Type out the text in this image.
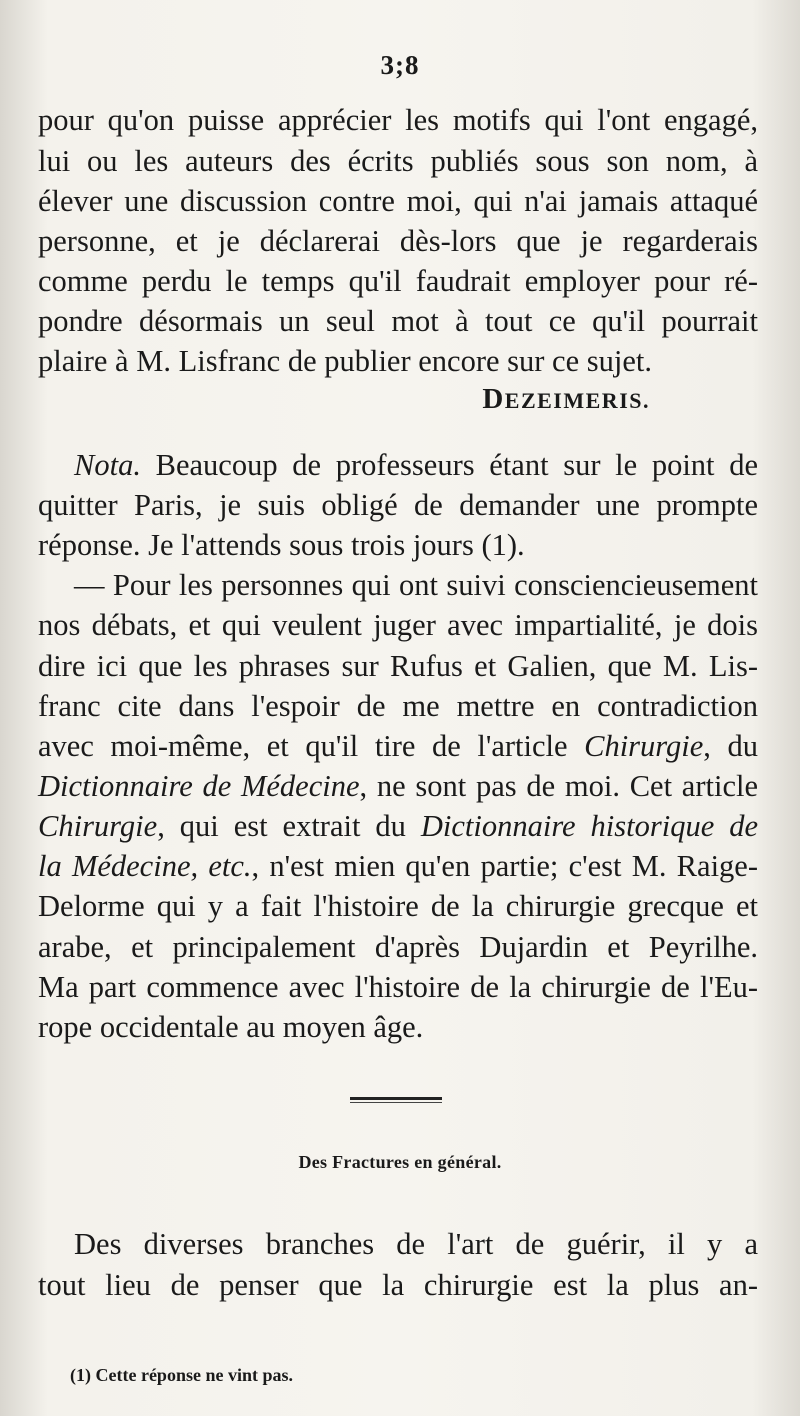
3;8
pour qu'on puisse apprécier les motifs qui l'ont engagé,
lui ou les auteurs des écrits publiés sous son nom, à
élever une discussion contre moi, qui n'ai jamais attaqué
personne, et je déclarerai dès-lors que je regarderais
comme perdu le temps qu'il faudrait employer pour ré-
pondre désormais un seul mot à tout ce qu'il pourrait
plaire à M. Lisfranc de publier encore sur ce sujet.
DEZEIMERIS.
Nota. Beaucoup de professeurs étant sur le point de
quitter Paris, je suis obligé de demander une prompte
réponse. Je l'attends sous trois jours (1).
— Pour les personnes qui ont suivi consciencieusement
nos débats, et qui veulent juger avec impartialité, je dois
dire ici que les phrases sur Rufus et Galien, que M. Lis-
franc cite dans l'espoir de me mettre en contradiction
avec moi-même, et qu'il tire de l'article Chirurgie, du
Dictionnaire de Médecine, ne sont pas de moi. Cet article
Chirurgie, qui est extrait du Dictionnaire historique de
la Médecine, etc., n'est mien qu'en partie; c'est M. Raige-
Delorme qui y a fait l'histoire de la chirurgie grecque et
arabe, et principalement d'après Dujardin et Peyrilhe.
Ma part commence avec l'histoire de la chirurgie de l'Eu-
rope occidentale au moyen âge.
Des Fractures en général.
Des diverses branches de l'art de guérir, il y a
tout lieu de penser que la chirurgie est la plus an-
(1) Cette réponse ne vint pas.
